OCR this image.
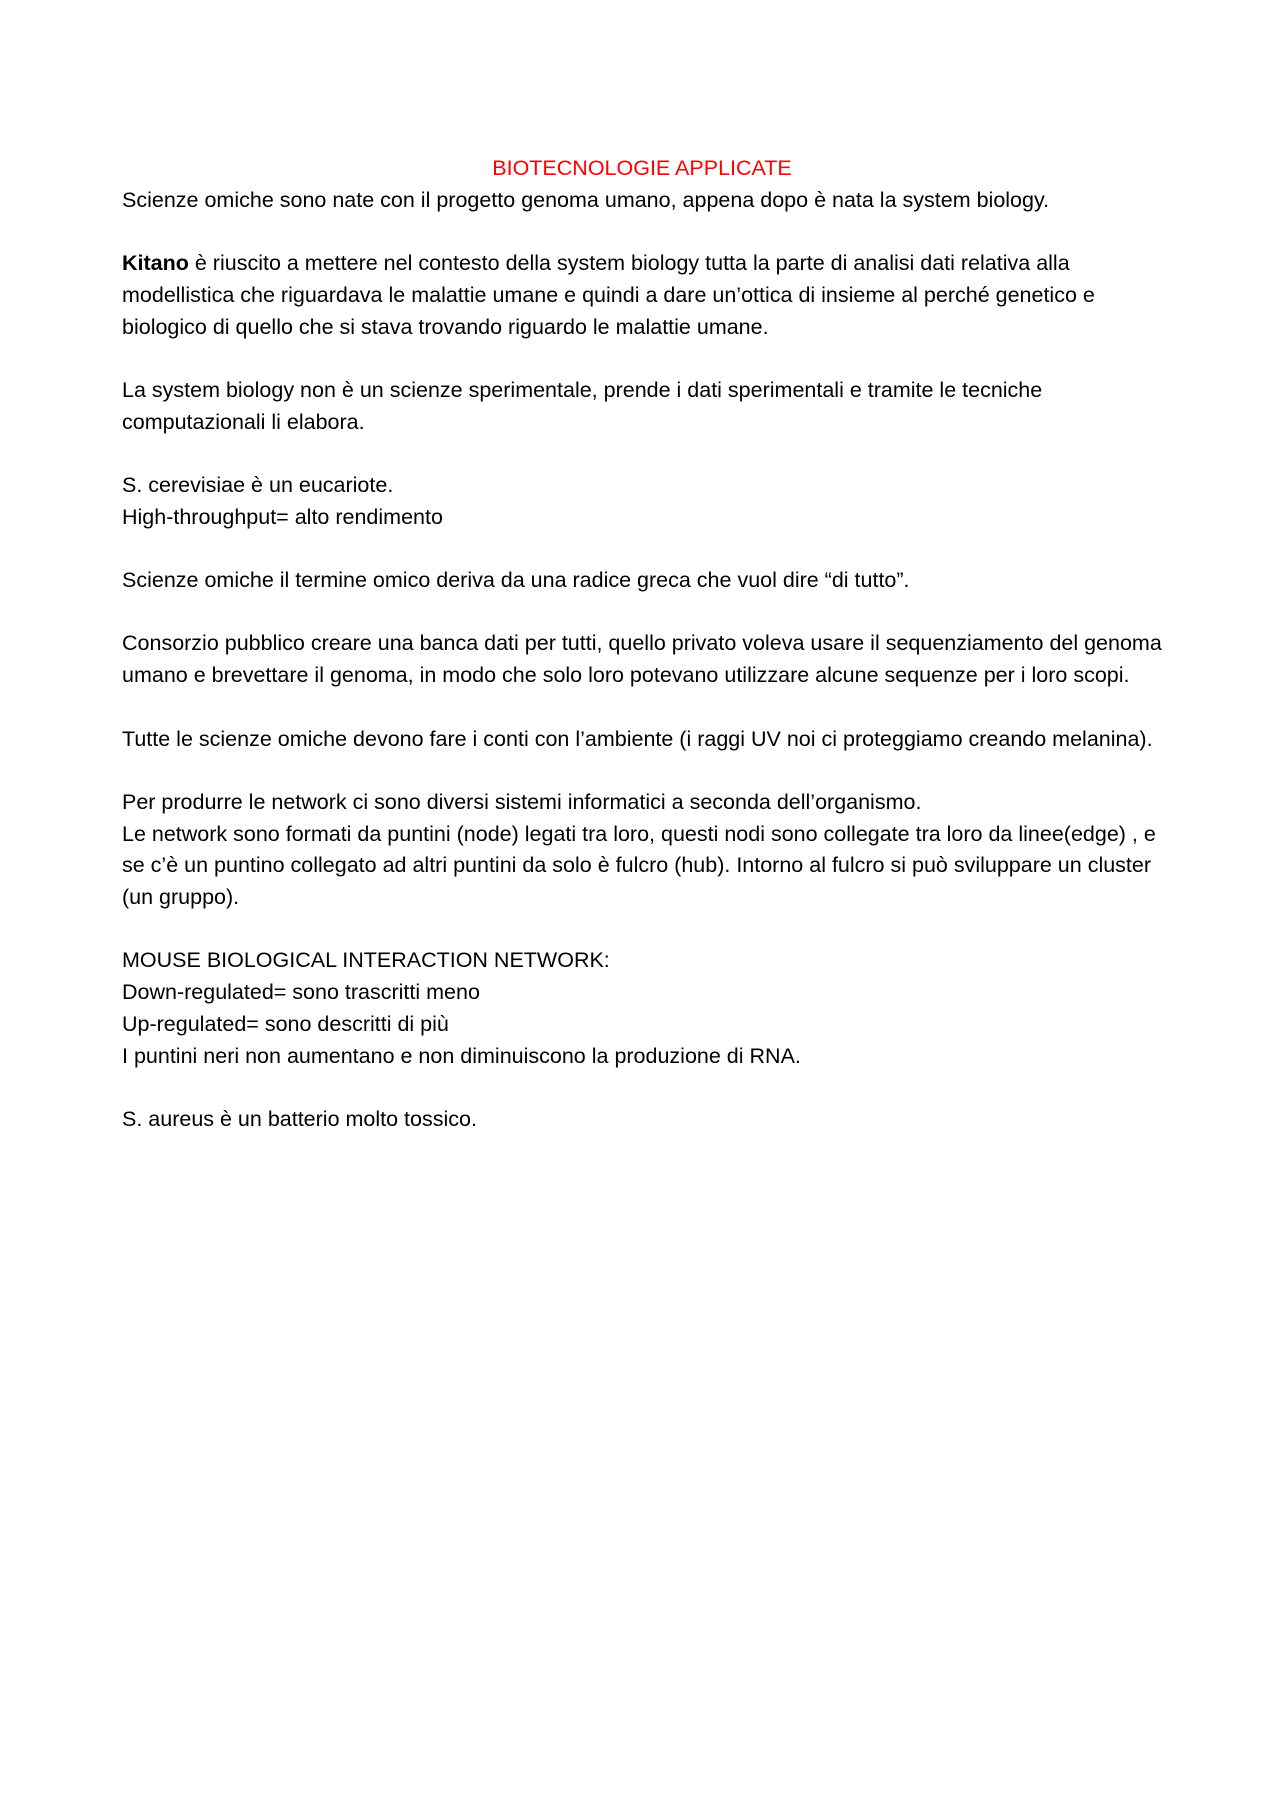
BIOTECNOLOGIE APPLICATE

Scienze omiche sono nate con il progetto genoma umano, appena dopo è nata la system biology.

Kitano è riuscito a mettere nel contesto della system biology tutta la parte di analisi dati relativa alla modellistica che riguardava le malattie umane e quindi a dare un’ottica di insieme al perché genetico e biologico di quello che si stava trovando riguardo le malattie umane.

La system biology non è un scienze sperimentale, prende i dati sperimentali e tramite le tecniche computazionali li elabora.

S. cerevisiae è un eucariote.
High-throughput= alto rendimento

Scienze omiche il termine omico deriva da una radice greca che vuol dire “di tutto”.

Consorzio pubblico creare una banca dati per tutti, quello privato voleva usare il sequenziamento del genoma umano e brevettare il genoma, in modo che solo loro potevano utilizzare alcune sequenze per i loro scopi.

Tutte le scienze omiche devono fare i conti con l’ambiente (i raggi UV noi ci proteggiamo creando melanina).

Per produrre le network ci sono diversi sistemi informatici a seconda dell’organismo.
Le network sono formati da puntini (node) legati tra loro, questi nodi sono collegate tra loro da linee(edge) , e se c’è un puntino collegato ad altri puntini da solo è fulcro (hub). Intorno al fulcro si può sviluppare un cluster (un gruppo).

MOUSE BIOLOGICAL INTERACTION NETWORK:
Down-regulated= sono trascritti meno
Up-regulated= sono descritti di più
I puntini neri non aumentano e non diminuiscono la produzione di RNA.

S. aureus è un batterio molto tossico.
